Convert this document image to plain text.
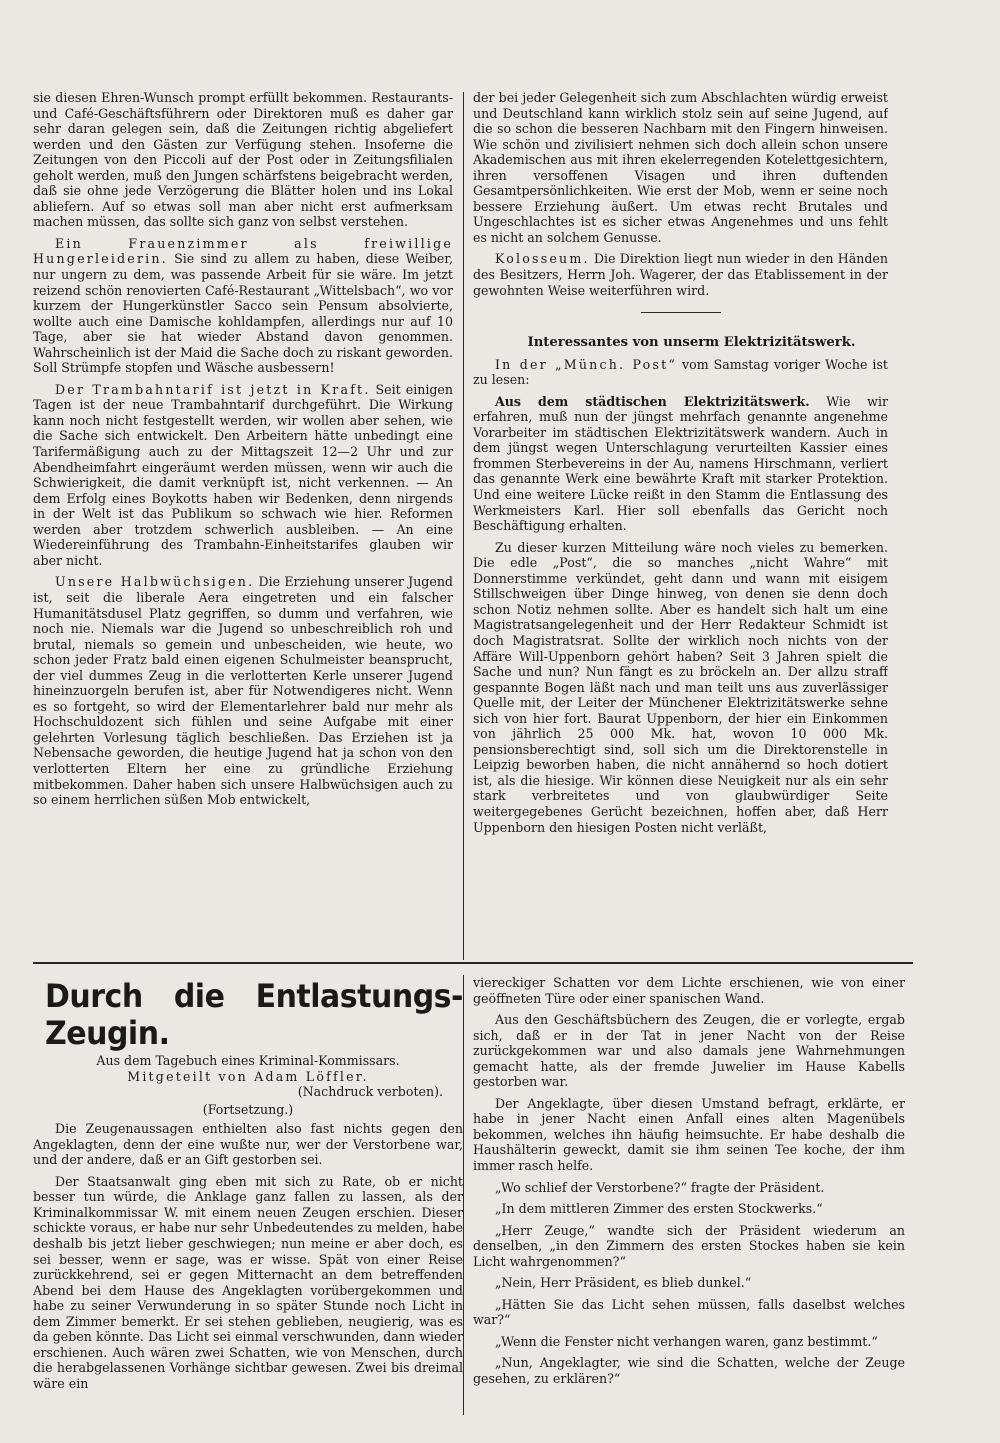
sie diesen Ehren-Wunsch prompt erfüllt bekommen. Restaurants- und Café-Geschäftsführern oder Direktoren muß es daher gar sehr daran gelegen sein, daß die Zeitungen richtig abgeliefert werden und den Gästen zur Verfügung stehen. Insoferne die Zeitungen von den Piccoli auf der Post oder in Zeitungsfilialen geholt werden, muß den Jungen schärfstens beigebracht werden, daß sie ohne jede Verzögerung die Blätter holen und ins Lokal abliefern. Auf so etwas soll man aber nicht erst aufmerksam machen müssen, das sollte sich ganz von selbst verstehen.

Ein Frauenzimmer als freiwillige Hungerleiderin. Sie sind zu allem zu haben, diese Weiber, nur ungern zu dem, was passende Arbeit für sie wäre. Im jetzt reizend schön renovierten Café-Restaurant „Wittelsbach“, wo vor kurzem der Hungerkünstler Sacco sein Pensum absolvierte, wollte auch eine Damische kohldampfen, allerdings nur auf 10 Tage, aber sie hat wieder Abstand davon genommen. Wahrscheinlich ist der Maid die Sache doch zu riskant geworden. Soll Strümpfe stopfen und Wäsche ausbessern!

Der Trambahntarif ist jetzt in Kraft. Seit einigen Tagen ist der neue Trambahntarif durchgeführt. Die Wirkung kann noch nicht festgestellt werden, wir wollen aber sehen, wie die Sache sich entwickelt. Den Arbeitern hätte unbedingt eine Tarifermäßigung auch zu der Mittagszeit 12—2 Uhr und zur Abendheimfahrt eingeräumt werden müssen, wenn wir auch die Schwierigkeit, die damit verknüpft ist, nicht verkennen. — An dem Erfolg eines Boykotts haben wir Bedenken, denn nirgends in der Welt ist das Publikum so schwach wie hier. Reformen werden aber trotzdem schwerlich ausbleiben. — An eine Wiedereinführung des Trambahn-Einheitstarifes glauben wir aber nicht.

Unsere Halbwüchsigen. Die Erziehung unserer Jugend ist, seit die liberale Aera eingetreten und ein falscher Humanitätsdusel Platz gegriffen, so dumm und verfahren, wie noch nie. Niemals war die Jugend so unbeschreiblich roh und brutal, niemals so gemein und unbescheiden, wie heute, wo schon jeder Fratz bald einen eigenen Schulmeister beansprucht, der viel dummes Zeug in die verlotterten Kerle unserer Jugend hineinzuorgeln berufen ist, aber für Notwendigeres nicht. Wenn es so fortgeht, so wird der Elementarlehrer bald nur mehr als Hochschuldozent sich fühlen und seine Aufgabe mit einer gelehrten Vorlesung täglich beschließen. Das Erziehen ist ja Nebensache geworden, die heutige Jugend hat ja schon von den verlotterten Eltern her eine zu gründliche Erziehung mitbekommen. Daher haben sich unsere Halbwüchsigen auch zu so einem herrlichen süßen Mob entwickelt,

der bei jeder Gelegenheit sich zum Abschlachten würdig erweist und Deutschland kann wirklich stolz sein auf seine Jugend, auf die so schon die besseren Nachbarn mit den Fingern hinweisen. Wie schön und zivilisiert nehmen sich doch allein schon unsere Akademischen aus mit ihren ekelerregenden Kotelettgesichtern, ihren versoffenen Visagen und ihren duftenden Gesamtpersönlichkeiten. Wie erst der Mob, wenn er seine noch bessere Erziehung äußert. Um etwas recht Brutales und Ungeschlachtes ist es sicher etwas Angenehmes und uns fehlt es nicht an solchem Genusse.

Kolosseum. Die Direktion liegt nun wieder in den Händen des Besitzers, Herrn Joh. Wagerer, der das Etablissement in der gewohnten Weise weiterführen wird.

Interessantes von unserm Elektrizitätswerk.

In der „Münch. Post“ vom Samstag voriger Woche ist zu lesen:

Aus dem städtischen Elektrizitätswerk. Wie wir erfahren, muß nun der jüngst mehrfach genannte angenehme Vorarbeiter im städtischen Elektrizitätswerk wandern. Auch in dem jüngst wegen Unterschlagung verurteilten Kassier eines frommen Sterbevereins in der Au, namens Hirschmann, verliert das genannte Werk eine bewährte Kraft mit starker Protektion. Und eine weitere Lücke reißt in den Stamm die Entlassung des Werkmeisters Karl. Hier soll ebenfalls das Gericht noch Beschäftigung erhalten.

Zu dieser kurzen Mitteilung wäre noch vieles zu bemerken. Die edle „Post“, die so manches „nicht Wahre“ mit Donnerstimme verkündet, geht dann und wann mit eisigem Stillschweigen über Dinge hinweg, von denen sie denn doch schon Notiz nehmen sollte. Aber es handelt sich halt um eine Magistratsangelegenheit und der Herr Redakteur Schmidt ist doch Magistratsrat. Sollte der wirklich noch nichts von der Affäre Will-Uppenborn gehört haben? Seit 3 Jahren spielt die Sache und nun? Nun fängt es zu bröckeln an. Der allzu straff gespannte Bogen läßt nach und man teilt uns aus zuverlässiger Quelle mit, der Leiter der Münchener Elektrizitätswerke sehne sich von hier fort. Baurat Uppenborn, der hier ein Einkommen von jährlich 25 000 Mk. hat, wovon 10 000 Mk. pensionsberechtigt sind, soll sich um die Direktorenstelle in Leipzig beworben haben, die nicht annähernd so hoch dotiert ist, als die hiesige. Wir können diese Neuigkeit nur als ein sehr stark verbreitetes und von glaubwürdiger Seite weitergegebenes Gerücht bezeichnen, hoffen aber, daß Herr Uppenborn den hiesigen Posten nicht verläßt,

Durch die Entlastungs-Zeugin.

Aus dem Tagebuch eines Kriminal-Kommissars.

Mitgeteilt von Adam Löffler.

(Nachdruck verboten).

(Fortsetzung.)

Die Zeugenaussagen enthielten also fast nichts gegen den Angeklagten, denn der eine wußte nur, wer der Verstorbene war, und der andere, daß er an Gift gestorben sei.

Der Staatsanwalt ging eben mit sich zu Rate, ob er nicht besser tun würde, die Anklage ganz fallen zu lassen, als der Kriminalkommissar W. mit einem neuen Zeugen erschien. Dieser schickte voraus, er habe nur sehr Unbedeutendes zu melden, habe deshalb bis jetzt lieber geschwiegen; nun meine er aber doch, es sei besser, wenn er sage, was er wisse. Spät von einer Reise zurückkehrend, sei er gegen Mitternacht an dem betreffenden Abend bei dem Hause des Angeklagten vorübergekommen und habe zu seiner Verwunderung in so später Stunde noch Licht in dem Zimmer bemerkt. Er sei stehen geblieben, neugierig, was es da geben könnte. Das Licht sei einmal verschwunden, dann wieder erschienen. Auch wären zwei Schatten, wie von Menschen, durch die herabgelassenen Vorhänge sichtbar gewesen. Zwei bis dreimal wäre ein

viereckiger Schatten vor dem Lichte erschienen, wie von einer geöffneten Türe oder einer spanischen Wand.

Aus den Geschäftsbüchern des Zeugen, die er vorlegte, ergab sich, daß er in der Tat in jener Nacht von der Reise zurückgekommen war und also damals jene Wahrnehmungen gemacht hatte, als der fremde Juwelier im Hause Kabells gestorben war.

Der Angeklagte, über diesen Umstand befragt, erklärte, er habe in jener Nacht einen Anfall eines alten Magenübels bekommen, welches ihn häufig heimsuchte. Er habe deshalb die Haushälterin geweckt, damit sie ihm seinen Tee koche, der ihm immer rasch helfe.

„Wo schlief der Verstorbene?“ fragte der Präsident.

„In dem mittleren Zimmer des ersten Stockwerks.“

„Herr Zeuge,“ wandte sich der Präsident wiederum an denselben, „in den Zimmern des ersten Stockes haben sie kein Licht wahrgenommen?“

„Nein, Herr Präsident, es blieb dunkel.“

„Hätten Sie das Licht sehen müssen, falls daselbst welches war?“

„Wenn die Fenster nicht verhangen waren, ganz bestimmt.“

„Nun, Angeklagter, wie sind die Schatten, welche der Zeuge gesehen, zu erklären?“
